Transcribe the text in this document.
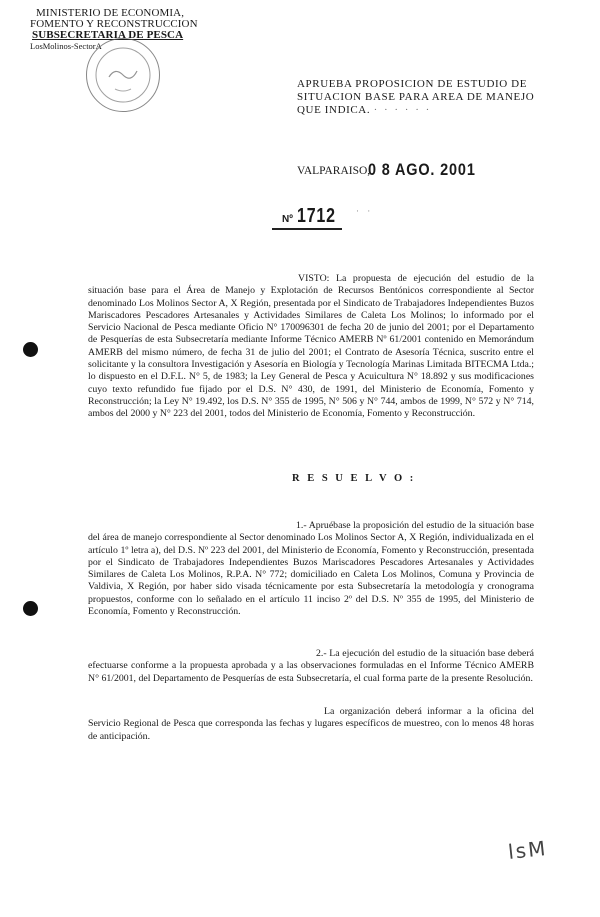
MINISTERIO DE ECONOMIA,
FOMENTO Y RECONSTRUCCION
SUBSECRETARIA DE PESCA
LosMolinos-SectorA
APRUEBA PROPOSICION DE ESTUDIO DE
SITUACION BASE PARA AREA DE MANEJO
QUE INDICA. · · · · · ·
VALPARAISO,
0 8 AGO. 2001
Nº 1712	· ·
VISTO: La propuesta de ejecución del estudio de la situación base para el Área de Manejo y Explotación de Recursos Bentónicos correspondiente al Sector denominado Los Molinos Sector A, X Región, presentada por el Sindicato de Trabajadores Independientes Buzos Mariscadores Pescadores Artesanales y Actividades Similares de Caleta Los Molinos; lo informado por el Servicio Nacional de Pesca mediante Oficio N° 170096301 de fecha 20 de junio del 2001; por el Departamento de Pesquerías de esta Subsecretaría mediante Informe Técnico AMERB Nº 61/2001 contenido en Memorándum AMERB del mismo número, de fecha 31 de julio del 2001; el Contrato de Asesoría Técnica, suscrito entre el solicitante y la consultora Investigación y Asesoría en Biología y Tecnología Marinas Limitada BITECMA Ltda.; lo dispuesto en el D.F.L. N° 5, de 1983; la Ley General de Pesca y Acuicultura N° 18.892 y sus modificaciones cuyo texto refundido fue fijado por el D.S. N° 430, de 1991, del Ministerio de Economía, Fomento y Reconstrucción; la Ley N° 19.492, los D.S. N° 355 de 1995, N° 506 y N° 744, ambos de 1999, N° 572 y N° 714, ambos del 2000 y N° 223 del 2001, todos del Ministerio de Economía, Fomento y Reconstrucción.
R E S U E L V O :
1.- Apruébase la proposición del estudio de la situación base del área de manejo correspondiente al Sector denominado Los Molinos Sector A, X Región, individualizada en el artículo 1º letra a), del D.S. Nº 223 del 2001, del Ministerio de Economía, Fomento y Reconstrucción, presentada por el Sindicato de Trabajadores Independientes Buzos Mariscadores Pescadores Artesanales y Actividades Similares de Caleta Los Molinos, R.P.A. N° 772; domiciliado en Caleta Los Molinos, Comuna y Provincia de Valdivia, X Región, por haber sido visada técnicamente por esta Subsecretaría la metodología y cronograma propuestos, conforme con lo señalado en el artículo 11 inciso 2º del D.S. Nº 355 de 1995, del Ministerio de Economía, Fomento y Reconstrucción.
2.- La ejecución del estudio de la situación base deberá efectuarse conforme a la propuesta aprobada y a las observaciones formuladas en el Informe Técnico AMERB N° 61/2001, del Departamento de Pesquerías de esta Subsecretaría, el cual forma parte de la presente Resolución.
La organización deberá informar a la oficina del Servicio Regional de Pesca que corresponda las fechas y lugares específicos de muestreo, con lo menos 48 horas de anticipación.
lsM
